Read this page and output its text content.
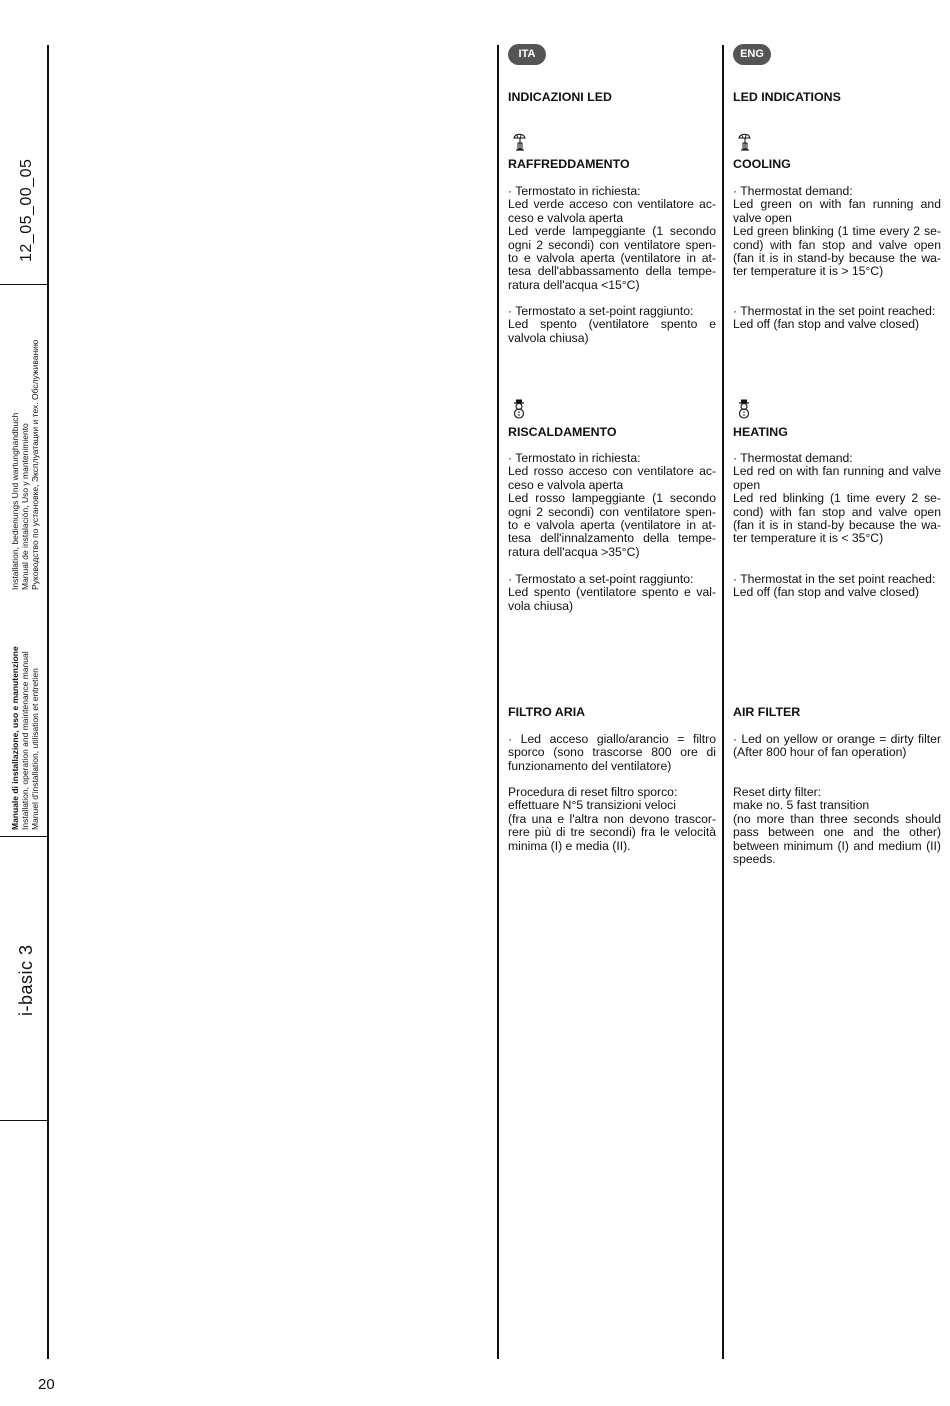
12_05_00_05
Installation, bedienungs Und wartunghandbuch Manual de instalación, Uso y mantenimiento Руководство по установке, Эксплуатации и тех. Обслуживанию
Manuale di installazione, uso e manutenzione Installation, operation and maintenance manual Manuel d'installation, utilisation et entretien
i-basic 3
20
ITA
INDICAZIONI LED
RAFFREDDAMENTO

· Termostato in richiesta:
Led verde acceso con ventilatore ac-ceso e valvola aperta
Led verde lampeggiante (1 secondo ogni 2 secondi) con ventilatore spen-to e valvola aperta (ventilatore in at-tesa dell'abbassamento della tempe-ratura dell'acqua <15°C)

· Termostato a set-point raggiunto:
Led spento (ventilatore spento e valvola chiusa)

RISCALDAMENTO

· Termostato in richiesta:
Led rosso acceso con ventilatore ac-ceso e valvola aperta
Led rosso lampeggiante (1 secondo ogni 2 secondi) con ventilatore spen-to e valvola aperta (ventilatore in at-tesa dell'innalzamento della tempe-ratura dell'acqua >35°C)

· Termostato a set-point raggiunto:
Led spento (ventilatore spento e val-vola chiusa)

FILTRO ARIA

· Led acceso giallo/arancio = filtro sporco (sono trascorse 800 ore di funzionamento del ventilatore)

Procedura di reset filtro sporco:
effettuare N°5 transizioni veloci
(fra una e l'altra non devono trascor-rere più di tre secondi) fra le velocità minima (I) e media (II).

ENG
LED INDICATIONS
COOLING

· Thermostat demand:
Led green on with fan running and valve open
Led green blinking (1 time every 2 se-cond) with fan stop and valve open (fan it is in stand-by because the wa-ter temperature it is > 15°C)

· Thermostat in the set point reached:
Led off (fan stop and valve closed)

HEATING

· Thermostat demand:
Led red on with fan running and valve open
Led red blinking (1 time every 2 se-cond) with fan stop and valve open (fan it is in stand-by because the wa-ter temperature it is < 35°C)

· Thermostat in the set point reached:
Led off (fan stop and valve closed)

AIR FILTER

· Led on yellow or orange = dirty filter (After 800 hour of fan operation)

Reset dirty filter:
make no. 5 fast transition
(no more than three seconds should pass between one and the other) between minimum (I) and medium (II) speeds.
